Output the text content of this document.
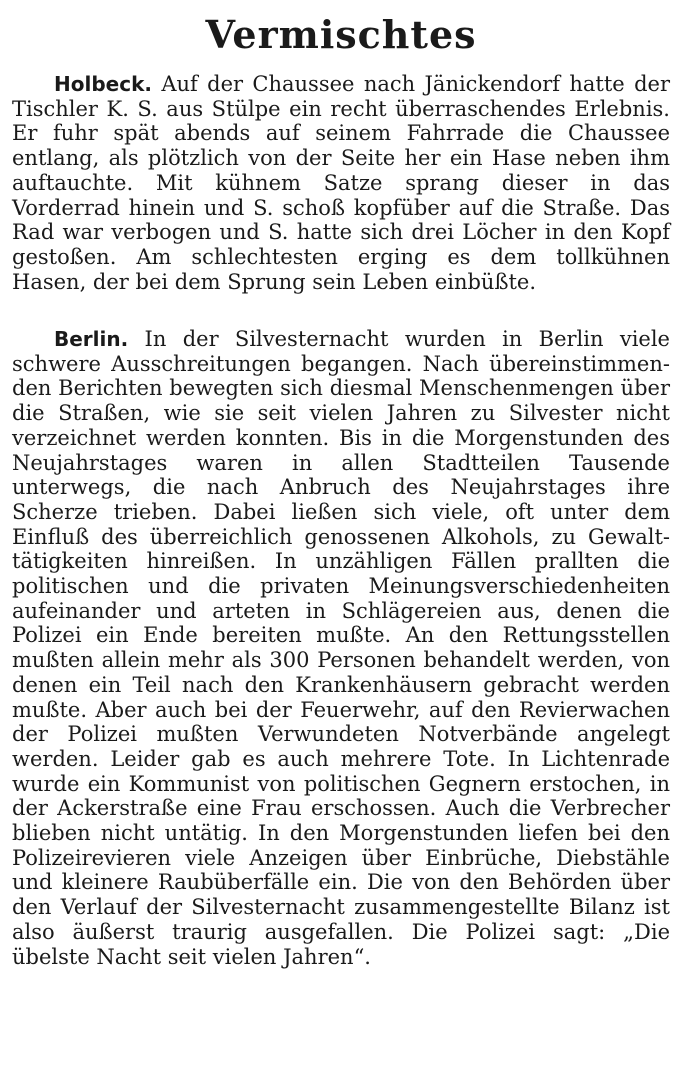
Vermischtes

Holbeck. Auf der Chaussee nach Jänickendorf hatte der Tischler K. S. aus Stülpe ein recht überraschendes Erlebnis. Er fuhr spät abends auf seinem Fahrrade die Chaussee entlang, als plötzlich von der Seite her ein Hase neben ihm auftauchte. Mit kühnem Satze sprang dieser in das Vorderrad hinein und S. schoß kopfüber auf die Straße. Das Rad war verbogen und S. hatte sich drei Löcher in den Kopf gestoßen. Am schlechtesten erging es dem tollkühnen Hasen, der bei dem Sprung sein Leben einbüßte.

Berlin. In der Silvesternacht wurden in Berlin viele schwere Ausschreitungen begangen. Nach übereinstimmenden Berichten bewegten sich diesmal Menschenmengen über die Straßen, wie sie seit vielen Jahren zu Silvester nicht verzeichnet werden konnten. Bis in die Morgenstunden des Neujahrstages waren in allen Stadtteilen Tausende unterwegs, die nach Anbruch des Neujahrstages ihre Scherze trieben. Dabei ließen sich viele, oft unter dem Einfluß des überreichlich genossenen Alkohols, zu Gewalttätigkeiten hinreißen. In unzähligen Fällen prallten die politischen und die privaten Meinungsverschiedenheiten aufeinander und arteten in Schlägereien aus, denen die Polizei ein Ende bereiten mußte. An den Rettungsstellen mußten allein mehr als 300 Personen behandelt werden, von denen ein Teil nach den Krankenhäusern gebracht werden mußte. Aber auch bei der Feuerwehr, auf den Revierwachen der Polizei mußten Verwundeten Notverbände angelegt werden. Leider gab es auch mehrere Tote. In Lichtenrade wurde ein Kommunist von politischen Gegnern erstochen, in der Ackerstraße eine Frau erschossen. Auch die Verbrecher blieben nicht untätig. In den Morgenstunden liefen bei den Polizeirevieren viele Anzeigen über Einbrüche, Diebstähle und kleinere Raubüberfälle ein. Die von den Behörden über den Verlauf der Silvesternacht zusammengestellte Bilanz ist also äußerst traurig ausgefallen. Die Polizei sagt: „Die übelste Nacht seit vielen Jahren“.
